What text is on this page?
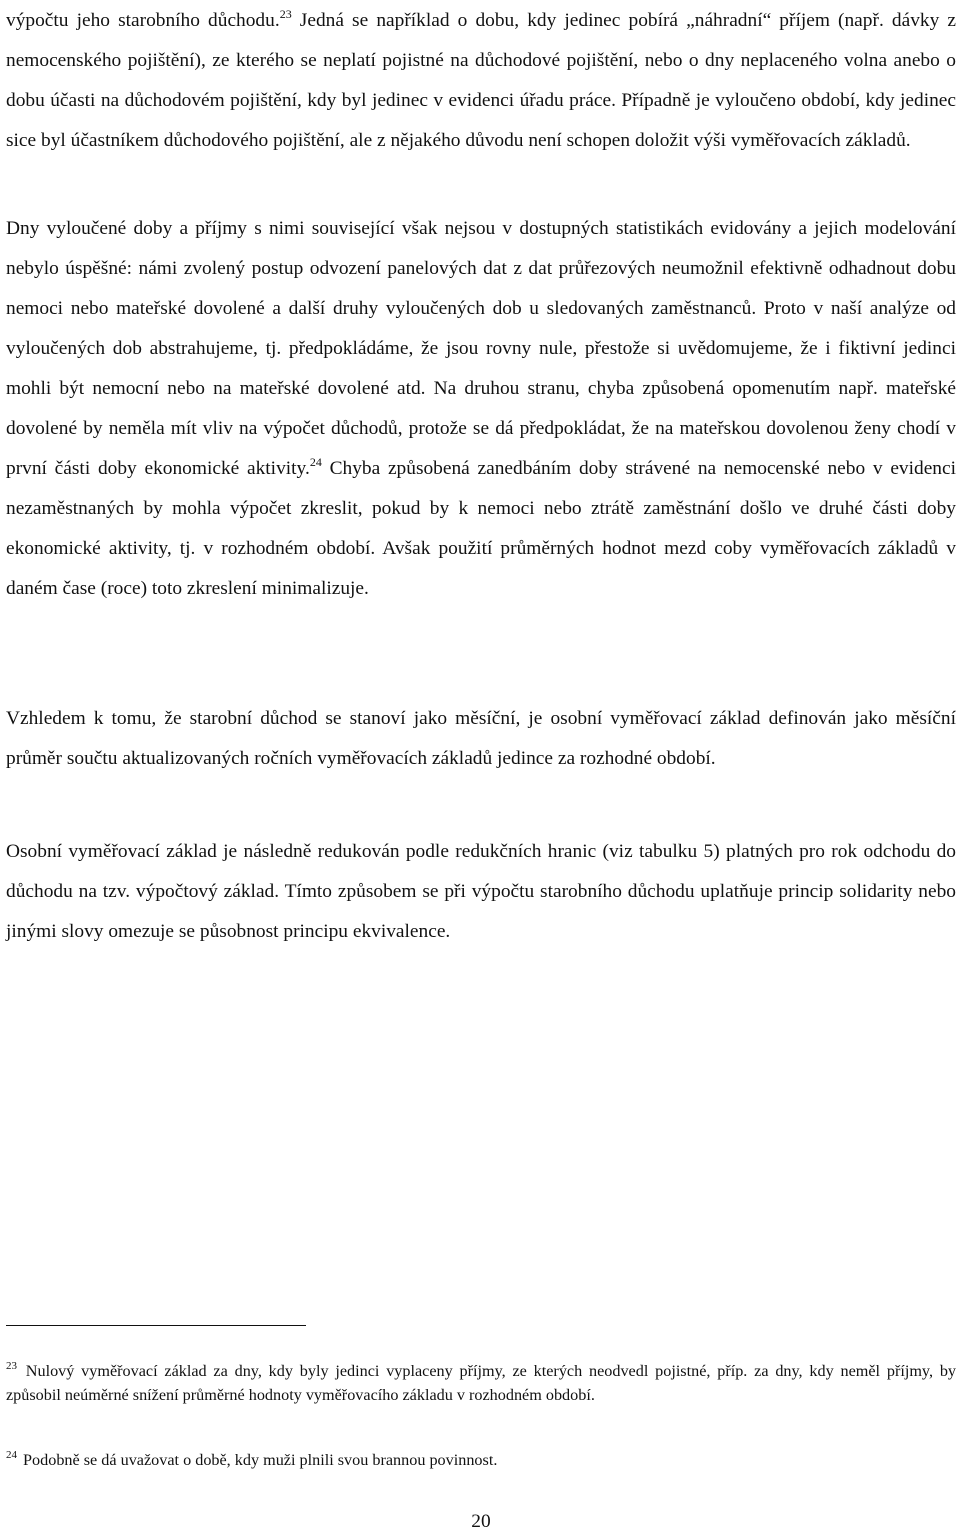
výpočtu jeho starobního důchodu.$^{23}$ Jedná se například o dobu, kdy jedinec pobírá „náhradní“ příjem (např. dávky z nemocenského pojištění), ze kterého se neplatí pojistné na důchodové pojištění, nebo o dny neplaceného volna anebo o dobu účasti na důchodovém pojištění, kdy byl jedinec v evidenci úřadu práce. Případně je vyloučeno období, kdy jedinec sice byl účastníkem důchodového pojištění, ale z nějakého důvodu není schopen doložit výši vyměřovacích základů.

Dny vyloučené doby a příjmy s nimi související však nejsou v dostupných statistikách evidovány a jejich modelování nebylo úspěšné: námi zvolený postup odvození panelových dat z dat průřezových neumožnil efektivně odhadnout dobu nemoci nebo mateřské dovolené a další druhy vyloučených dob u sledovaných zaměstnanců. Proto v naší analýze od vyloučených dob abstrahujeme, tj. předpokládáme, že jsou rovny nule, přestože si uvědomujeme, že i fiktivní jedinci mohli být nemocní nebo na mateřské dovolené atd. Na druhou stranu, chyba způsobená opomenutím např. mateřské dovolené by neměla mít vliv na výpočet důchodů, protože se dá předpokládat, že na mateřskou dovolenou ženy chodí v první části doby ekonomické aktivity.$^{24}$ Chyba způsobená zanedbáním doby strávené na nemocenské nebo v evidenci nezaměstnaných by mohla výpočet zkreslit, pokud by k nemoci nebo ztrátě zaměstnání došlo ve druhé části doby ekonomické aktivity, tj. v rozhodném období. Avšak použití průměrných hodnot mezd coby vyměřovacích základů v daném čase (roce) toto zkreslení minimalizuje.

Vzhledem k tomu, že starobní důchod se stanoví jako měsíční, je osobní vyměřovací základ definován jako měsíční průměr součtu aktualizovaných ročních vyměřovacích základů jedince za rozhodné období.

Osobní vyměřovací základ je následně redukován podle redukčních hranic (viz tabulku 5) platných pro rok odchodu do důchodu na tzv. výpočtový základ. Tímto způsobem se při výpočtu starobního důchodu uplatňuje princip solidarity nebo jinými slovy omezuje se působnost principu ekvivalence.

$^{23}$ Nulový vyměřovací základ za dny, kdy byly jedinci vyplaceny příjmy, ze kterých neodvedl pojistné, příp. za dny, kdy neměl příjmy, by způsobil neúměrné snížení průměrné hodnoty vyměřovacího základu v rozhodném období.

$^{24}$ Podobně se dá uvažovat o době, kdy muži plnili svou brannou povinnost.

20
